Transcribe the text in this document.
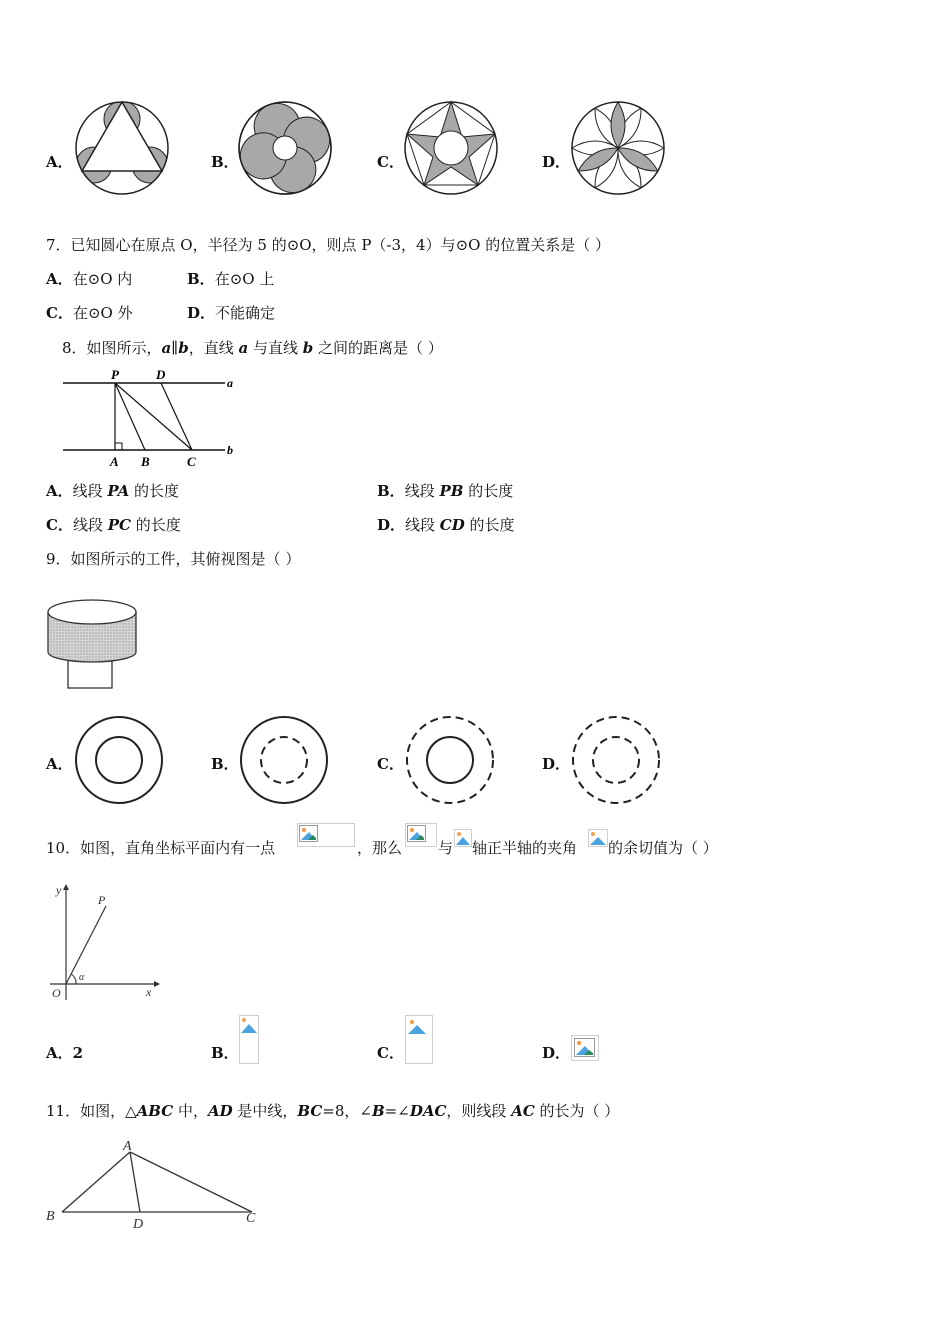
A．	B．	C．	D．
7．已知圆心在原点 O，半径为 5 的⊙O，则点 P（-3，4）与⊙O 的位置关系是（ ）
A．在⊙O 内	B．在⊙O 上
C．在⊙O 外	D．不能确定
8．如图所示，a∥b，直线 a 与直线 b 之间的距离是（ ）
P	D
a
b
A B	C
A．线段 PA 的长度	B．线段 PB 的长度
C．线段 PC 的长度	D．线段 CD 的长度
9．如图所示的工件，其俯视图是（ ）
A．	B．	C．	D．
10．如图，直角坐标平面内有一点	，那么 与 轴正半轴的夹角 的余切值为（ ）
y
P
O
α
x
A．2	B．	C．	D．
11．如图，△ABC 中，AD 是中线，BC=8，∠B=∠DAC，则线段 AC 的长为（ ）
A
B
D	C
